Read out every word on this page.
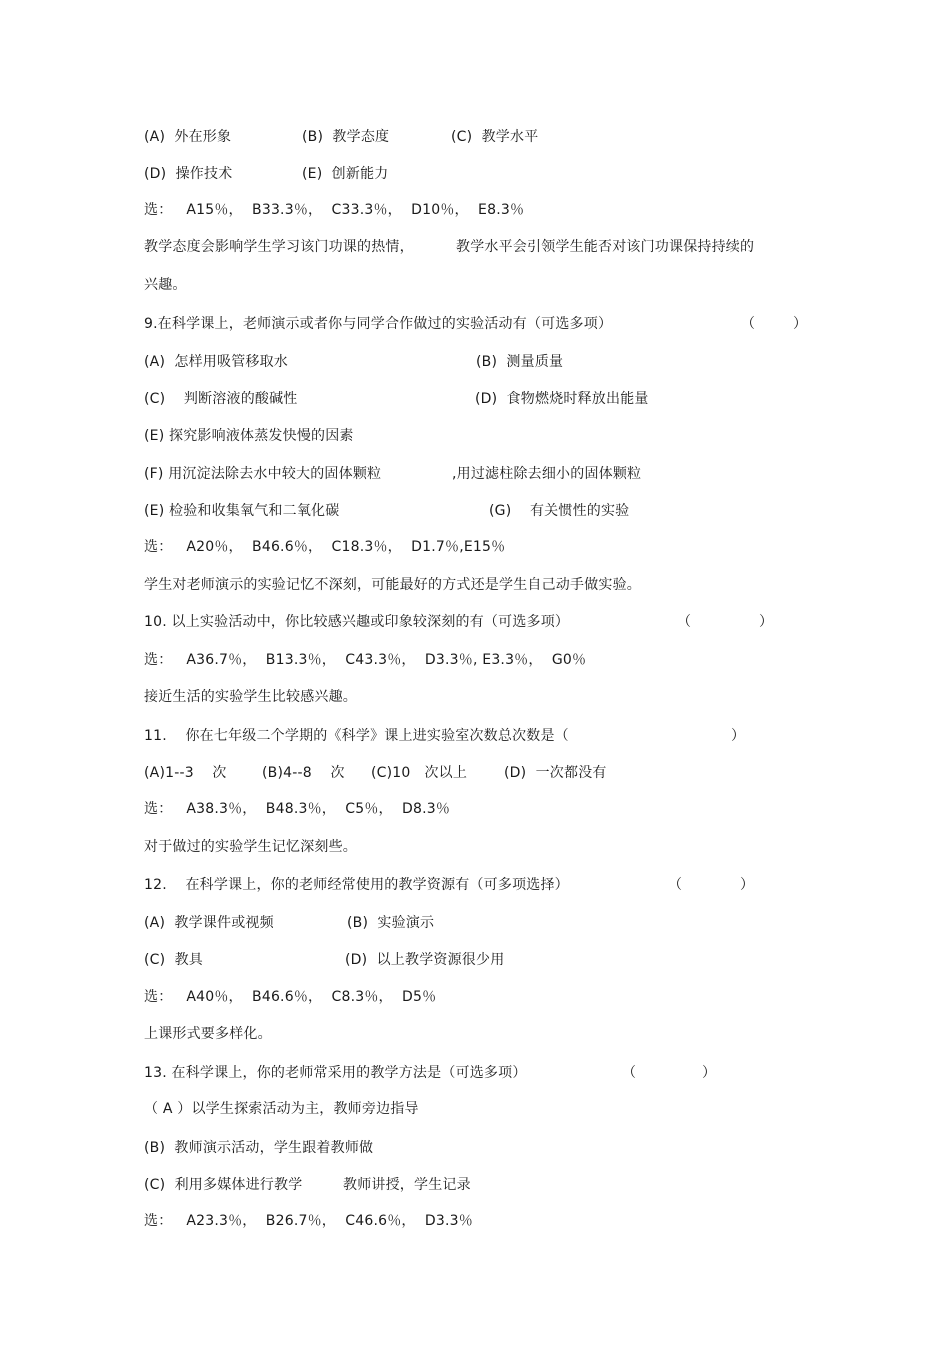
(A)  外在形象	(B)  教学态度	(C)  教学水平
(D)  操作技术	(E)  创新能力
选：   A15％，  B33.3％，  C33.3％，  D10％，  E8.3％
教学态度会影响学生学习该门功课的热情，	教学水平会引领学生能否对该门功课保持持续的
兴趣。
9.在科学课上，老师演示或者你与同学合作做过的实验活动有（可选多项）	（	）
(A)  怎样用吸管移取水	(B)  测量质量
(C)    判断溶液的酸碱性	(D)  食物燃烧时释放出能量
(E) 探究影响液体蒸发快慢的因素
(F) 用沉淀法除去水中较大的固体颗粒	,用过滤柱除去细小的固体颗粒
(E) 检验和收集氧气和二氧化碳	(G)    有关惯性的实验
选：   A20％，  B46.6％，  C18.3％，  D1.7％,E15％
学生对老师演示的实验记忆不深刻，可能最好的方式还是学生自己动手做实验。
10. 以上实验活动中，你比较感兴趣或印象较深刻的有（可选多项）	（	）
选：   A36.7％，  B13.3％，  C43.3％，  D3.3％, E3.3％，  G0％
接近生活的实验学生比较感兴趣。
11.    你在七年级二个学期的《科学》课上进实验室次数总次数是（	）
(A)1--3    次	(B)4--8    次 (C)10   次以上	(D)  一次都没有
选：   A38.3％，  B48.3％，  C5％，  D8.3％
对于做过的实验学生记忆深刻些。
12.    在科学课上，你的老师经常使用的教学资源有（可多项选择）	（	）
(A)  教学课件或视频	(B)  实验演示
(C)  教具	(D)  以上教学资源很少用
选：   A40％，  B46.6％，  C8.3％，  D5％
上课形式要多样化。
13. 在科学课上，你的老师常采用的教学方法是（可选多项）	（	）
（ A ）以学生探索活动为主，教师旁边指导
(B)  教师演示活动，学生跟着教师做
(C)  利用多媒体进行教学	教师讲授，学生记录
选：   A23.3％，  B26.7％，  C46.6％，  D3.3％
